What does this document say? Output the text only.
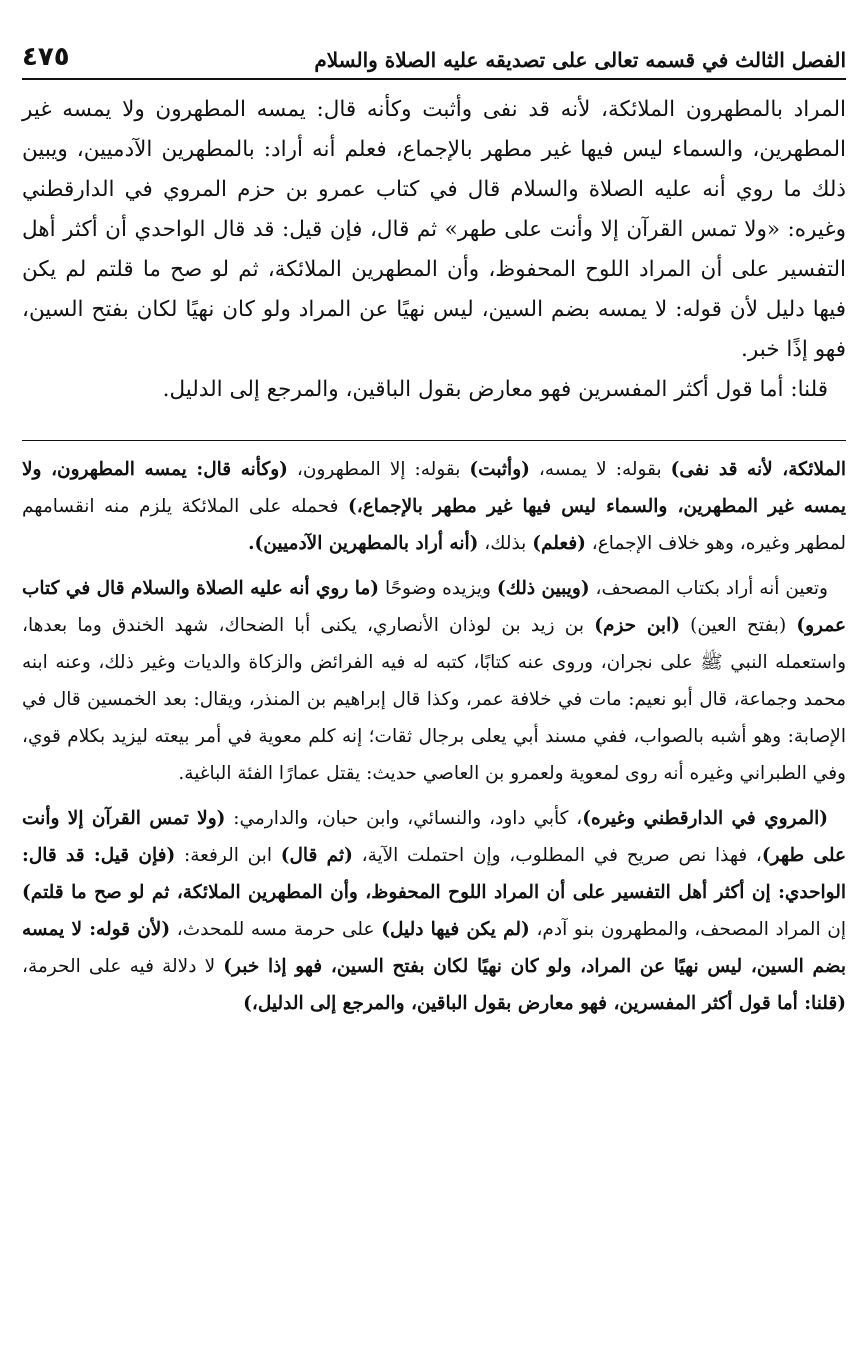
الفصل الثالث في قسمه تعالى على تصديقه عليه الصلاة والسلام
٤٧٥

المراد بالمطهرون الملائكة، لأنه قد نفى وأثبت وكأنه قال: يمسه المطهرون ولا يمسه غير المطهرين، والسماء ليس فيها غير مطهر بالإجماع، فعلم أنه أراد: بالمطهرين الآدميين، ويبين ذلك ما روي أنه عليه الصلاة والسلام قال في كتاب عمرو بن حزم المروي في الدارقطني وغيره: «ولا تمس القرآن إلا وأنت على طهر» ثم قال، فإن قيل: قد قال الواحدي أن أكثر أهل التفسير على أن المراد اللوح المحفوظ، وأن المطهرين الملائكة، ثم لو صح ما قلتم لم يكن فيها دليل لأن قوله: لا يمسه بضم السين، ليس نهيًا عن المراد ولو كان نهيًا لكان بفتح السين، فهو إذًا خبر.

قلنا: أما قول أكثر المفسرين فهو معارض بقول الباقين، والمرجع إلى الدليل.

الملائكة، لأنه قد نفى) بقوله: لا يمسه، (وأثبت) بقوله: إلا المطهرون، (وكأنه قال: يمسه المطهرون، ولا يمسه غير المطهرين، والسماء ليس فيها غير مطهر بالإجماع،) فحمله على الملائكة يلزم منه انقسامهم لمطهر وغيره، وهو خلاف الإجماع، (فعلم) بذلك، (أنه أراد بالمطهرين الآدميين).

وتعين أنه أراد بكتاب المصحف، (ويبين ذلك) ويزيده وضوحًا (ما روي أنه عليه الصلاة والسلام قال في كتاب عمرو) (بفتح العين) (ابن حزم) بن زيد بن لوذان الأنصاري، يكنى أبا الضحاك، شهد الخندق وما بعدها، واستعمله النبي ﷺ على نجران، وروى عنه كتابًا، كتبه له فيه الفرائض والزكاة والديات وغير ذلك، وعنه ابنه محمد وجماعة، قال أبو نعيم: مات في خلافة عمر، وكذا قال إبراهيم بن المنذر، ويقال: بعد الخمسين قال في الإصابة: وهو أشبه بالصواب، ففي مسند أبي يعلى برجال ثقات؛ إنه كلم معوية في أمر بيعته ليزيد بكلام قوي، وفي الطبراني وغيره أنه روى لمعوية ولعمرو بن العاصي حديث: يقتل عمارًا الفئة الباغية.

(المروي في الدارقطني وغيره)، كأبي داود، والنسائي، وابن حبان، والدارمي: (ولا تمس القرآن إلا وأنت على طهر)، فهذا نص صريح في المطلوب، وإن احتملت الآية، (ثم قال) ابن الرفعة: (فإن قيل: قد قال: الواحدي: إن أكثر أهل التفسير على أن المراد اللوح المحفوظ، وأن المطهرين الملائكة، ثم لو صح ما قلتم) إن المراد المصحف، والمطهرون بنو آدم، (لم يكن فيها دليل) على حرمة مسه للمحدث، (لأن قوله: لا يمسه بضم السين، ليس نهيًا عن المراد، ولو كان نهيًا لكان بفتح السين، فهو إذا خبر) لا دلالة فيه على الحرمة، (قلنا: أما قول أكثر المفسرين، فهو معارض بقول الباقين، والمرجع إلى الدليل،)
